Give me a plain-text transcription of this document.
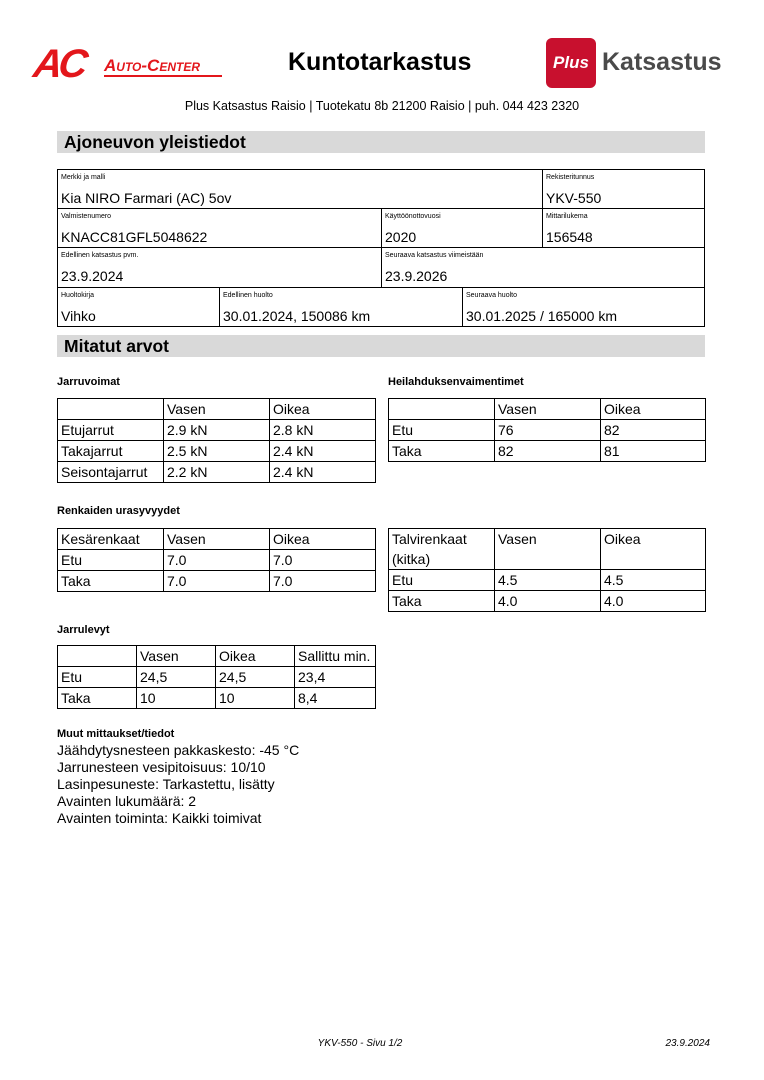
AC Auto-Center	Kuntotarkastus	Plus Katsastus
Plus Katsastus Raisio | Tuotekatu 8b 21200 Raisio | puh. 044 423 2320
Ajoneuvon yleistiedot
Merkki ja malli
Kia NIRO Farmari (AC) 5ov
Rekisteritunnus
YKV-550
Valmistenumero
KNACC81GFL5048622
Käyttöönottovuosi
2020
Mittarilukema
156548
Edellinen katsastus pvm.
23.9.2024
Seuraava katsastus viimeistään
23.9.2026
Huoltokirja
Vihko
Edellinen huolto
30.01.2024, 150086 km
Seuraava huolto
30.01.2025 / 165000 km
Mitatut arvot
Jarruvoimat
	Vasen	Oikea
Etujarrut	2.9 kN	2.8 kN
Takajarrut	2.5 kN	2.4 kN
Seisontajarrut	2.2 kN	2.4 kN
Heilahduksenvaimentimet
	Vasen	Oikea
Etu	76	82
Taka	82	81
Renkaiden urasyvyydet
Kesärenkaat	Vasen	Oikea
Etu	7.0	7.0
Taka	7.0	7.0
Talvirenkaat
(kitka)	Vasen	Oikea
Etu	4.5	4.5
Taka	4.0	4.0
Jarrulevyt
	Vasen	Oikea	Sallittu min.
Etu	24,5	24,5	23,4
Taka	10	10	8,4
Muut mittaukset/tiedot
Jäähdytysnesteen pakkaskesto: -45 °C
Jarrunesteen vesipitoisuus: 10/10
Lasinpesuneste: Tarkastettu, lisätty
Avainten lukumäärä: 2
Avainten toiminta: Kaikki toimivat
YKV-550 - Sivu 1/2	23.9.2024
